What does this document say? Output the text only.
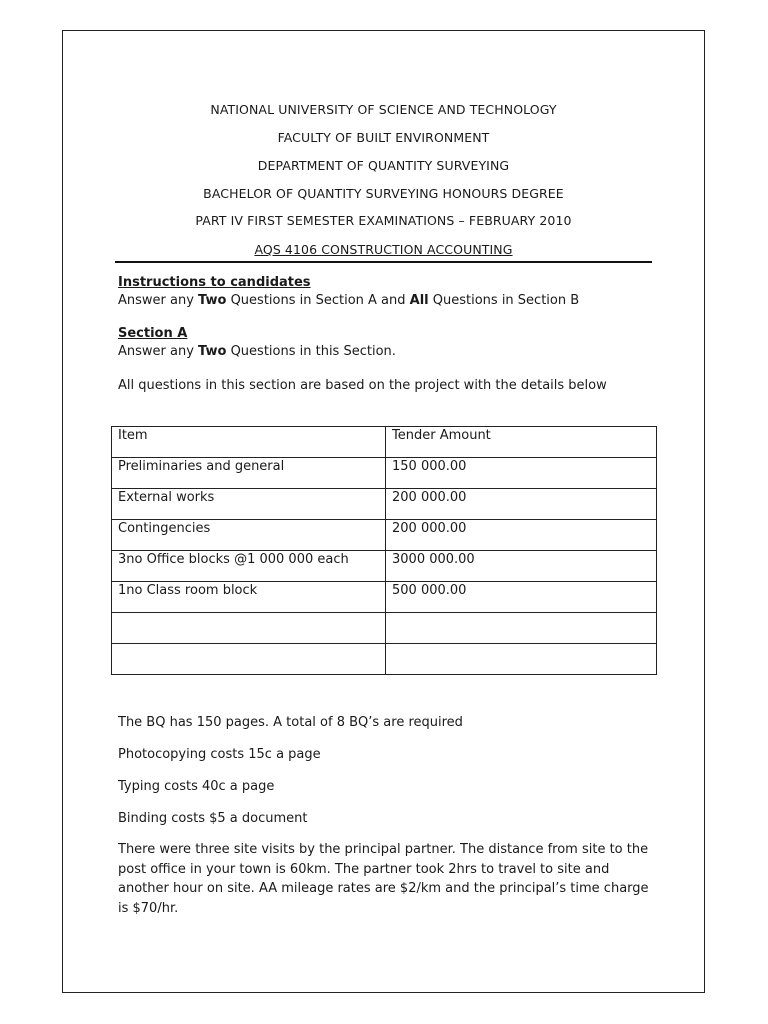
NATIONAL UNIVERSITY OF SCIENCE AND TECHNOLOGY
FACULTY OF BUILT ENVIRONMENT
DEPARTMENT OF QUANTITY SURVEYING
BACHELOR OF QUANTITY SURVEYING HONOURS DEGREE
PART IV FIRST SEMESTER EXAMINATIONS – FEBRUARY 2010
AQS 4106 CONSTRUCTION ACCOUNTING
Instructions to candidates
Answer any Two Questions in Section A and All Questions in Section B
Section A
Answer any Two Questions in this Section.
All questions in this section are based on the project with the details below
Item	Tender Amount
Preliminaries and general	150 000.00
External works	200 000.00
Contingencies	200 000.00
3no Office blocks @1 000 000 each	3000 000.00
1no Class room block	500 000.00

The BQ has 150 pages. A total of 8 BQ’s are required
Photocopying costs 15c a page
Typing costs 40c a page
Binding costs $5 a document
There were three site visits by the principal partner. The distance from site to the post office in your town is 60km. The partner took 2hrs to travel to site and another hour on site. AA mileage rates are $2/km and the principal’s time charge is $70/hr.
